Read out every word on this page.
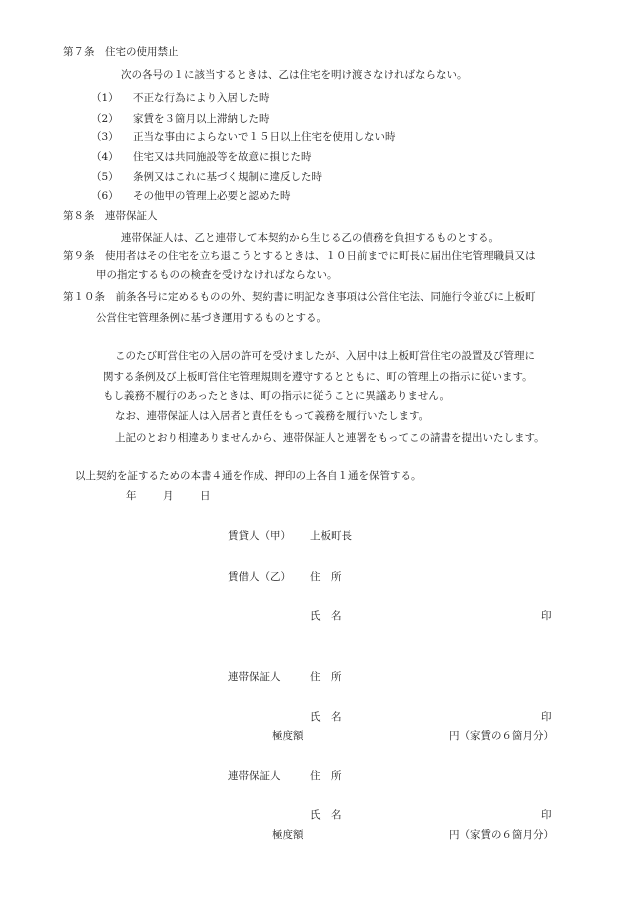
第７条　住宅の使用禁止
次の各号の１に該当するときは、乙は住宅を明け渡さなければならない。
（1） 不正な行為により入居した時
（2） 家賃を３箇月以上滞納した時
（3） 正当な事由によらないで１５日以上住宅を使用しない時
（4） 住宅又は共同施設等を故意に損じた時
（5） 条例又はこれに基づく規制に違反した時
（6） その他甲の管理上必要と認めた時
第８条　連帯保証人
連帯保証人は、乙と連帯して本契約から生じる乙の債務を負担するものとする。
第９条　使用者はその住宅を立ち退こうとするときは、１０日前までに町長に届出住宅管理職員又は
甲の指定するものの検査を受けなければならない。
第１０条　前条各号に定めるものの外、契約書に明記なき事項は公営住宅法、同施行令並びに上板町
公営住宅管理条例に基づき運用するものとする。
このたび町営住宅の入居の許可を受けましたが、入居中は上板町営住宅の設置及び管理に
関する条例及び上板町営住宅管理規則を遵守するとともに、町の管理上の指示に従います。
もし義務不履行のあったときは、町の指示に従うことに異議ありません。
なお、連帯保証人は入居者と責任をもって義務を履行いたします。
上記のとおり相違ありませんから、連帯保証人と連署をもってこの請書を提出いたします。
以上契約を証するための本書４通を作成、押印の上各自１通を保管する。
年	月	日
賃貸人（甲） 上板町長
賃借人（乙） 住　所
氏　名	印
連帯保証人	住　所
氏　名	印
極度額	円（家賃の６箇月分）
連帯保証人	住　所
氏　名	印
極度額	円（家賃の６箇月分）
